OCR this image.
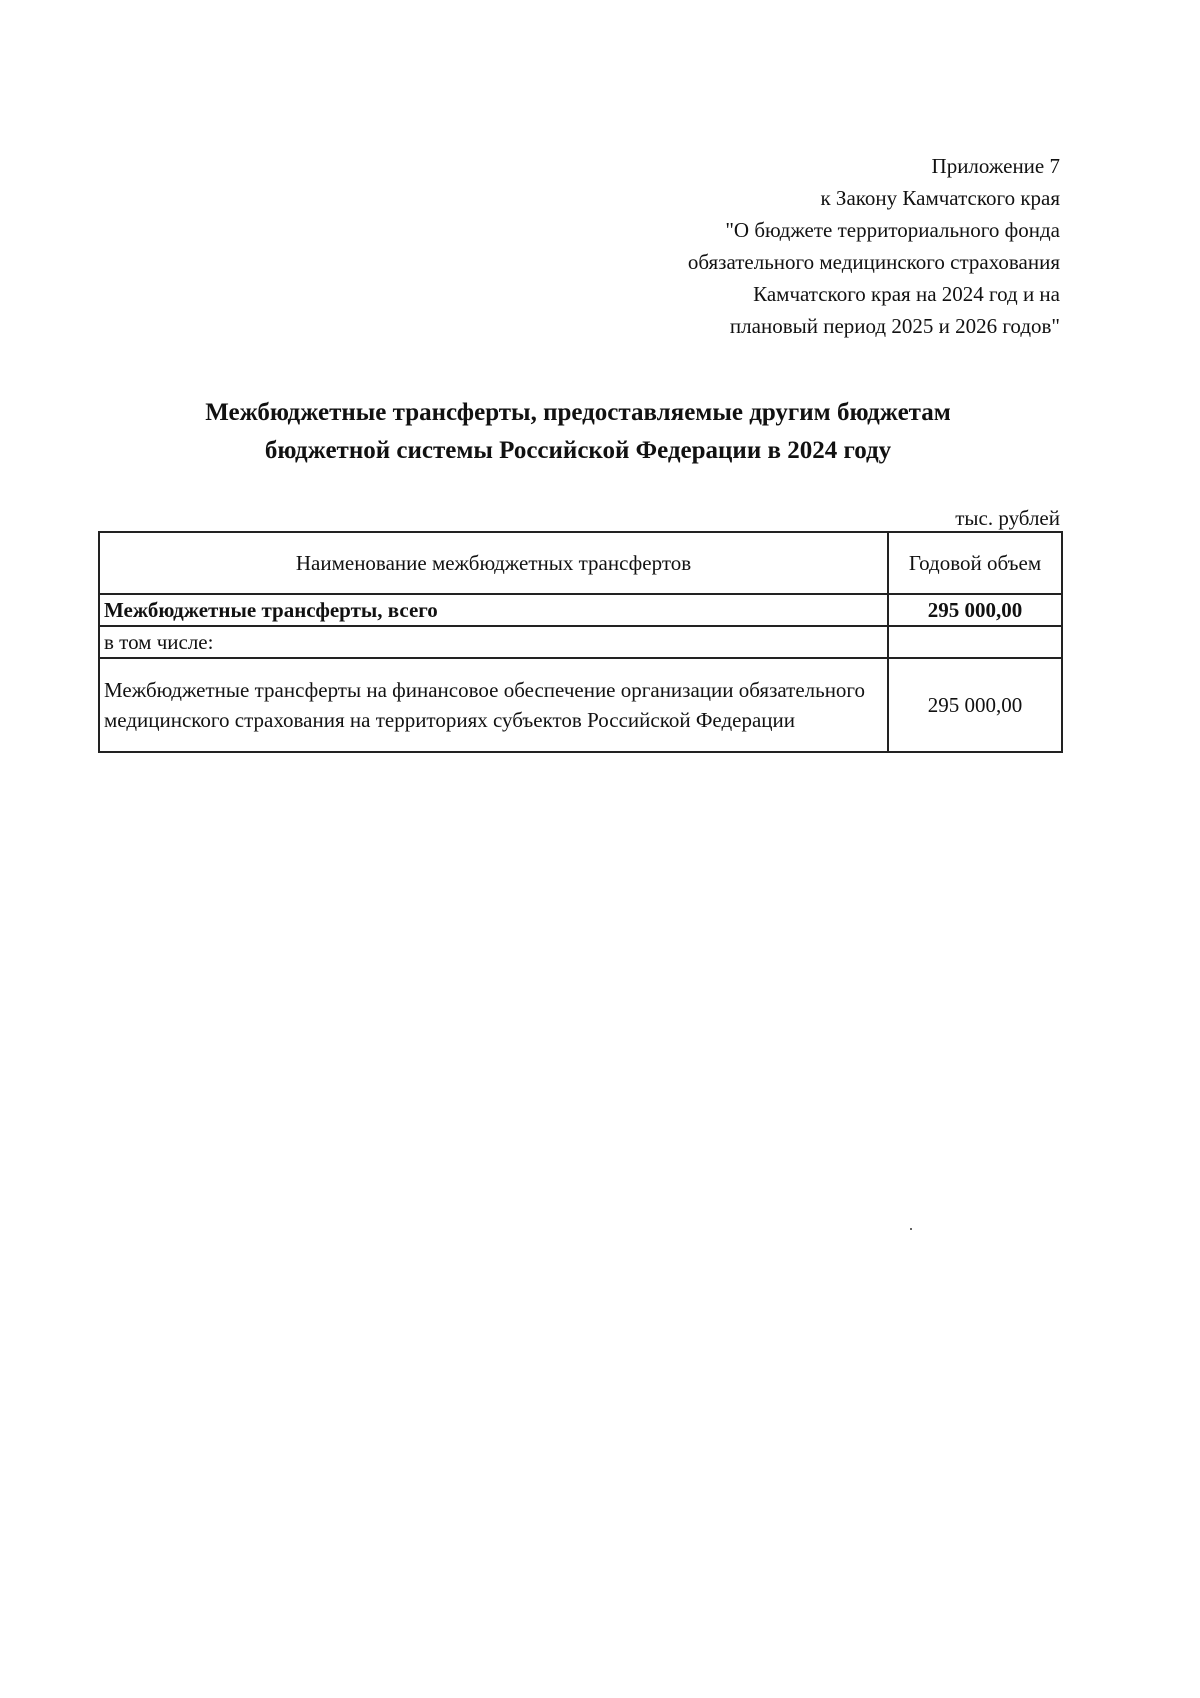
Приложение 7
к Закону Камчатского края
"О бюджете территориального фонда
обязательного медицинского страхования
Камчатского края на 2024 год и на
плановый период 2025 и 2026 годов"
Межбюджетные трансферты, предоставляемые другим бюджетам
бюджетной системы Российской Федерации в 2024 году
тыс. рублей
Наименование межбюджетных трансфертов	Годовой объем
Межбюджетные трансферты, всего	295 000,00
в том числе:	
Межбюджетные трансферты на финансовое обеспечение организации обязательного медицинского страхования на территориях субъектов Российской Федерации	295 000,00
